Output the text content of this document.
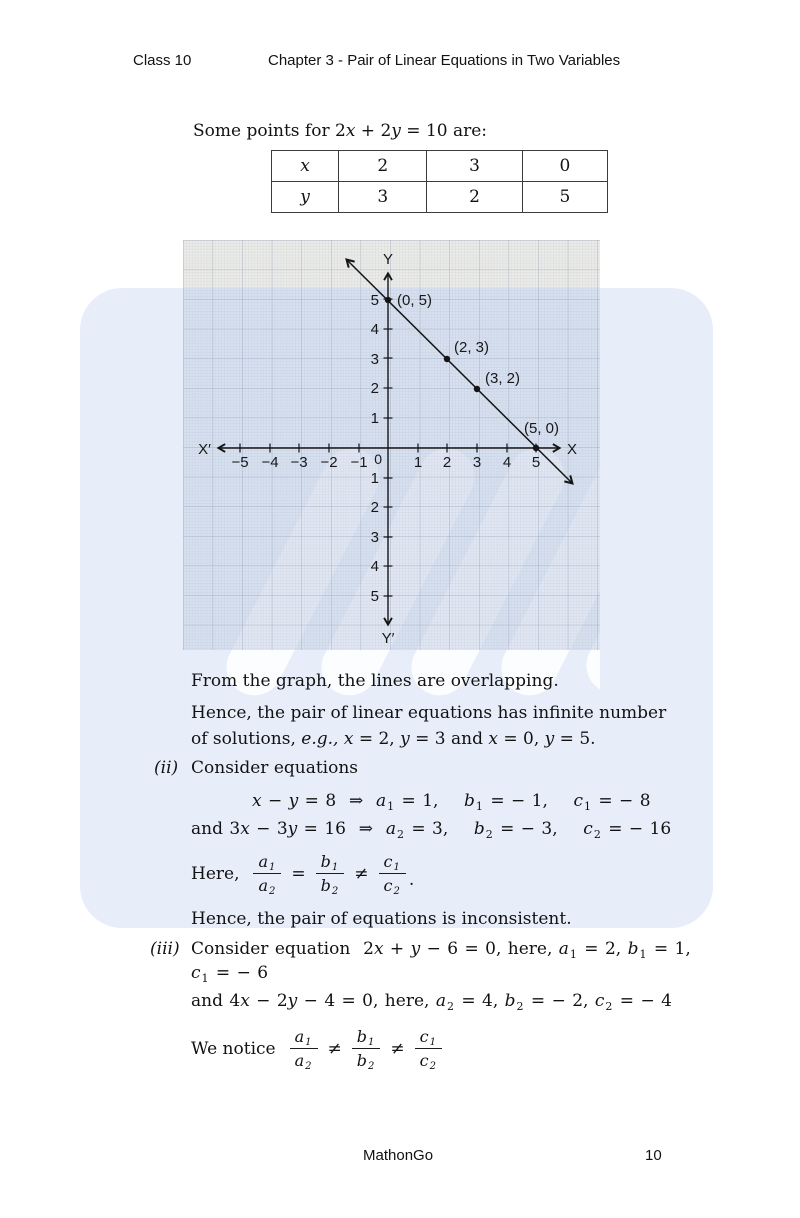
Class 10	Chapter 3 - Pair of Linear Equations in Two Variables
Some points for 2x + 2y = 10 are:
x	2	3	0
y	3	2	5
−5 −4 −3 −2 −1	1 2 3 4 5
5
4
3
2
1
1
2
3
4
5
0
X′	X
Y
Y′
(0, 5)
(2, 3)
(3, 2)
(5, 0)
From the graph, the lines are overlapping.
Hence, the pair of linear equations has infinite number
of solutions, e.g., x = 2, y = 3 and x = 0, y = 5.
(ii) Consider equations
x − y = 8  ⇒  $a_1 = 1$,    $b_1$ = − 1,    $c_1$ = − 8
and 3x − 3y = 16  ⇒  $a_2 = 3$,    $b_2$ = − 3,    $c_2$ = − 16
Here, $\frac{a_1}{a_2} = \frac{b_1}{b_2} \ne \frac{c_1}{c_2}$ .
Hence, the pair of equations is inconsistent.
(iii) Consider equation  2x + y − 6 = 0, here, $a_1 = 2$, $b_1 = 1$,
$c_1$ = − 6
and 4x − 2y − 4 = 0, here, $a_2 = 4$, $b_2$ = − 2, $c_2$ = − 4
We notice $\frac{a_1}{a_2} \ne \frac{b_1}{b_2} \ne \frac{c_1}{c_2}$
MathonGo	10
